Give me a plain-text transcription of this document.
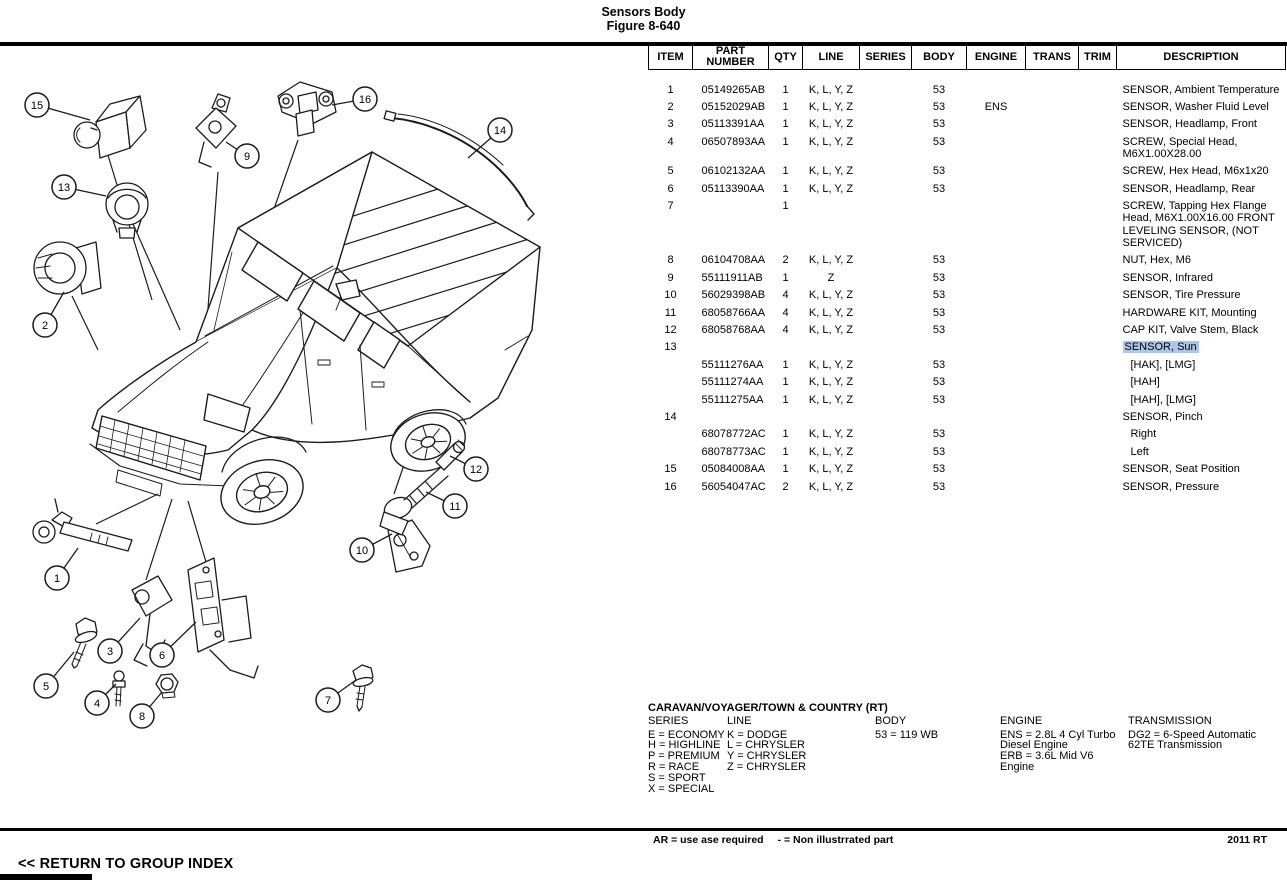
Sensors Body
Figure 8-640
15
13
2
9
16
14
1
5
3
4
8
6
7
10
11
12
ITEM	PART NUMBER	QTY	LINE	SERIES	BODY	ENGINE	TRANS	TRIM	DESCRIPTION
1	05149265AB	1	K, L, Y, Z		53				SENSOR, Ambient Temperature
2	05152029AB	1	K, L, Y, Z		53	ENS			SENSOR, Washer Fluid Level
3	05113391AA	1	K, L, Y, Z		53				SENSOR, Headlamp, Front
4	06507893AA	1	K, L, Y, Z		53				SCREW, Special Head, M6X1.00X28.00
5	06102132AA	1	K, L, Y, Z		53				SCREW, Hex Head, M6x1x20
6	05113390AA	1	K, L, Y, Z		53				SENSOR, Headlamp, Rear
7		1							SCREW, Tapping Hex Flange Head, M6X1.00X16.00 FRONT LEVELING SENSOR, (NOT SERVICED)
8	06104708AA	2	K, L, Y, Z		53				NUT, Hex, M6
9	55111911AB	1	Z		53				SENSOR, Infrared
10	56029398AB	4	K, L, Y, Z		53				SENSOR, Tire Pressure
11	68058766AA	4	K, L, Y, Z		53				HARDWARE KIT, Mounting
12	68058768AA	4	K, L, Y, Z		53				CAP KIT, Valve Stem, Black
13									SENSOR, Sun
	55111276AA	1	K, L, Y, Z		53				[HAK], [LMG]
	55111274AA	1	K, L, Y, Z		53				[HAH]
	55111275AA	1	K, L, Y, Z		53				[HAH], [LMG]
14									SENSOR, Pinch
	68078772AC	1	K, L, Y, Z		53				Right
	68078773AC	1	K, L, Y, Z		53				Left
15	05084008AA	1	K, L, Y, Z		53				SENSOR, Seat Position
16	56054047AC	2	K, L, Y, Z		53				SENSOR, Pressure
CARAVAN/VOYAGER/TOWN & COUNTRY (RT)
SERIES
E = ECONOMY
H = HIGHLINE
P = PREMIUM
R = RACE
S = SPORT
X = SPECIAL
LINE
K = DODGE
L = CHRYSLER
Y = CHRYSLER
Z = CHRYSLER
BODY
53 = 119 WB
ENGINE
ENS = 2.8L 4 Cyl Turbo Diesel Engine
ERB = 3.6L Mid V6 Engine
TRANSMISSION
DG2 = 6-Speed Automatic 62TE Transmission
AR = use ase required - = Non illustrrated part	2011 RT
<< RETURN TO GROUP INDEX
